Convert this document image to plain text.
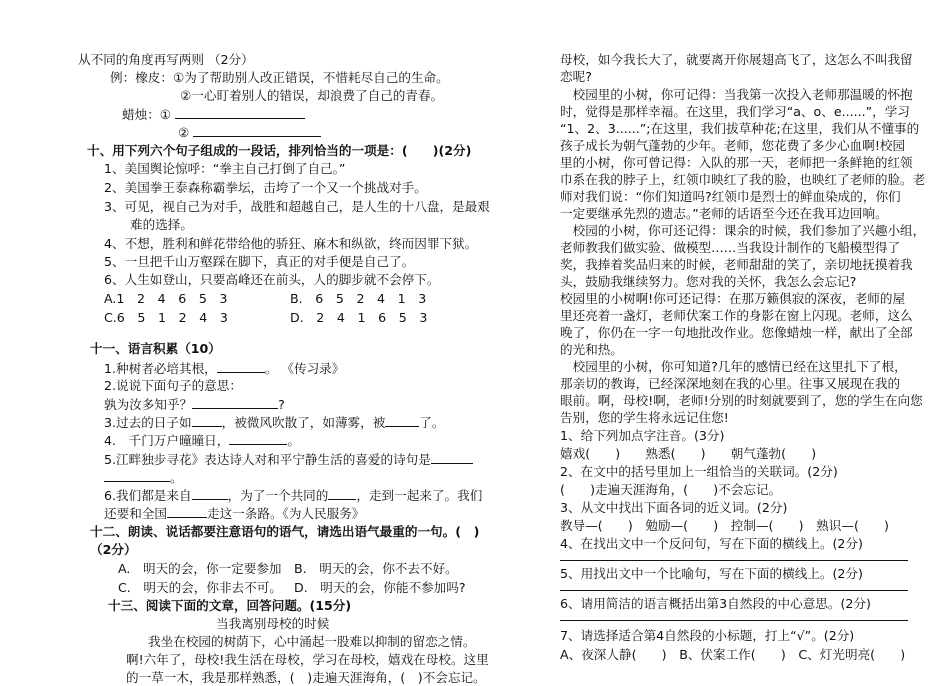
从不同的角度再写两则 （2分）
例：橡皮：①为了帮助别人改正错误，不惜耗尽自己的生命。
②一心盯着别人的错误，却浪费了自己的青春。
蜡烛：①
②
十、用下列六个句子组成的一段话，排列恰当的一项是：(　　)(2分)
1、美国舆论惊呼：“拳主自己打倒了自己。”
2、美国拳王泰森称霸拳坛，击垮了一个又一个挑战对手。
3、可见，视自己为对手，战胜和超越自己，是人生的十八盘，是最艰
难的选择。
4、不想，胜利和鲜花带给他的骄狂、麻木和纵欲，终而因罪下狱。
5、一旦把千山万壑踩在脚下，真正的对手便是自己了。
6、人生如登山，只要高峰还在前头，人的脚步就不会停下。
A.1　2　4　6　5　3	B.　6　5　2　4　1　3
C.6　5　1　2　4　3	D.　2　4　1　6　5　3
十一、语言积累（10）
1.种树者必培其根，	。 《传习录》
2.说说下面句子的意思：
孰为汝多知乎？	?
3.过去的日子如 ，被微风吹散了，如薄雾，被	了。
4.　千门万户曈曈日，	。
5.江畔独步寻花》表达诗人对和平宁静生活的喜爱的诗句是
。
6.我们都是来自	，为了一个共同的 ，走到一起来了。我们
还要和全国	走这一条路。《为人民服务》
十二、朗读、说话都要注意语句的语气，请选出语气最重的一句。(　)
（2分）
A.　明天的会，你一定要参加 B.　明天的会，你不去不好。
C.　明天的会，你非去不可。 D.　明天的会，你能不参加吗?
十三、阅读下面的文章，回答问题。(15分)
当我离别母校的时候
我坐在校园的树荫下，心中涌起一股难以抑制的留恋之情。
啊!六年了，母校!我生活在母校，学习在母校，嬉戏在母校。这里
的一草一木，我是那样熟悉，(　)走遍天涯海角，(　)不会忘记。
母校，如今我长大了，就要离开你展翅高飞了，这怎么不叫我留
恋呢?
　校园里的小树，你可记得：当我第一次投入老师那温暖的怀抱
时，觉得是那样幸福。在这里，我们学习“a、o、e......”，学习
“1、2、3......”;在这里，我们拔草种花;在这里，我们从不懂事的
孩子成长为朝气蓬勃的少年。老师，您花费了多少心血啊!校园
里的小树，你可曾记得：入队的那一天，老师把一条鲜艳的红领
巾系在我的脖子上，红领巾映红了我的脸，也映红了老师的脸。老
师对我们说：“你们知道吗?红领巾是烈士的鲜血染成的，你们
一定要继承先烈的遗志。”老师的话语至今还在我耳边回响。
　校园的小树，你可还记得：课余的时候，我们参加了兴趣小组，
老师教我们做实验、做模型……当我设计制作的飞船模型得了
奖，我捧着奖品归来的时候，老师甜甜的笑了，亲切地抚摸着我
头，鼓励我继续努力。您对我的关怀，我怎么会忘记?
校园里的小树啊!你可还记得：在那万籁俱寂的深夜，老师的屋
里还亮着一盏灯，老师伏案工作的身影在窗上闪现。老师，这么
晚了，你仍在一字一句地批改作业。您像蜡烛一样，献出了全部
的光和热。
　校园里的小树，你可知道?几年的感情已经在这里扎下了根，
那亲切的教诲，已经深深地刻在我的心里。往事又展现在我的
眼前。啊，母校!啊，老师!分别的时刻就要到了，您的学生在向您
告别，您的学生将永远记住您!
1、给下列加点字注音。(3分)
嬉戏(　　)　　熟悉(　　)　　朝气蓬勃(　　)
2、在文中的括号里加上一组恰当的关联词。(2分)
(　　)走遍天涯海角，(　　)不会忘记。
3、从文中找出下面各词的近义词。(2分)
教导—(　　)　勉励—(　　)　控制—(　　)　熟识—(　　)
4、在找出文中一个反问句，写在下面的横线上。(2分)
5、用找出文中一个比喻句，写在下面的横线上。(2分)
6、请用简洁的语言概括出第3自然段的中心意思。(2分)
7、请选择适合第4自然段的小标题，打上“√”。(2分)
A、夜深人静(　　)　B、伏案工作(　　)　C、灯光明亮(　　)
